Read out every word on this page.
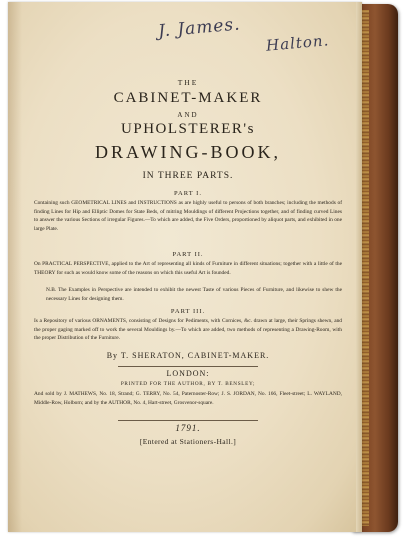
J. James.
Halton.
THE
CABINET-MAKER
AND
UPHOLSTERER's
DRAWING-BOOK,
IN THREE PARTS.
PART I.
Containing such GEOMETRICAL LINES and INSTRUCTIONS as are highly useful to persons of both branches; including the methods of finding Lines for Hip and Elliptic Domes for State Beds, of mitring Mouldings of different Projections together, and of finding curved Lines to answer the various Sections of irregular Figures.—To which are added, the Five Orders, proportioned by aliquot parts, and exhibited in one large Plate.
PART II.
On PRACTICAL PERSPECTIVE, applied to the Art of representing all kinds of Furniture in different situations; together with a little of the THEORY for such as would know some of the reasons on which this useful Art is founded.
N.B. The Examples in Perspective are intended to exhibit the newest Taste of various Pieces of Furniture, and likewise to shew the necessary Lines for designing them.
PART III.
Is a Repository of various ORNAMENTS, consisting of Designs for Pediments, with Cornices, &c. drawn at large, their Springs shewn, and the proper gaging marked off to work the several Mouldings by.—To which are added, two methods of representing a Drawing-Room, with the proper Distribution of the Furniture.
By T. SHERATON, CABINET-MAKER.
LONDON:
PRINTED FOR THE AUTHOR, BY T. BENSLEY;
And sold by J. MATHEWS, No. 18, Strand; G. TERRY, No. 54, Paternoster-Row; J. S. JORDAN, No. 166, Fleet-street; L. WAYLAND, Middle-Row, Holborn; and by the AUTHOR, No. 4, Hart-street, Grosvenor-square.
1791.
[Entered at Stationers-Hall.]
